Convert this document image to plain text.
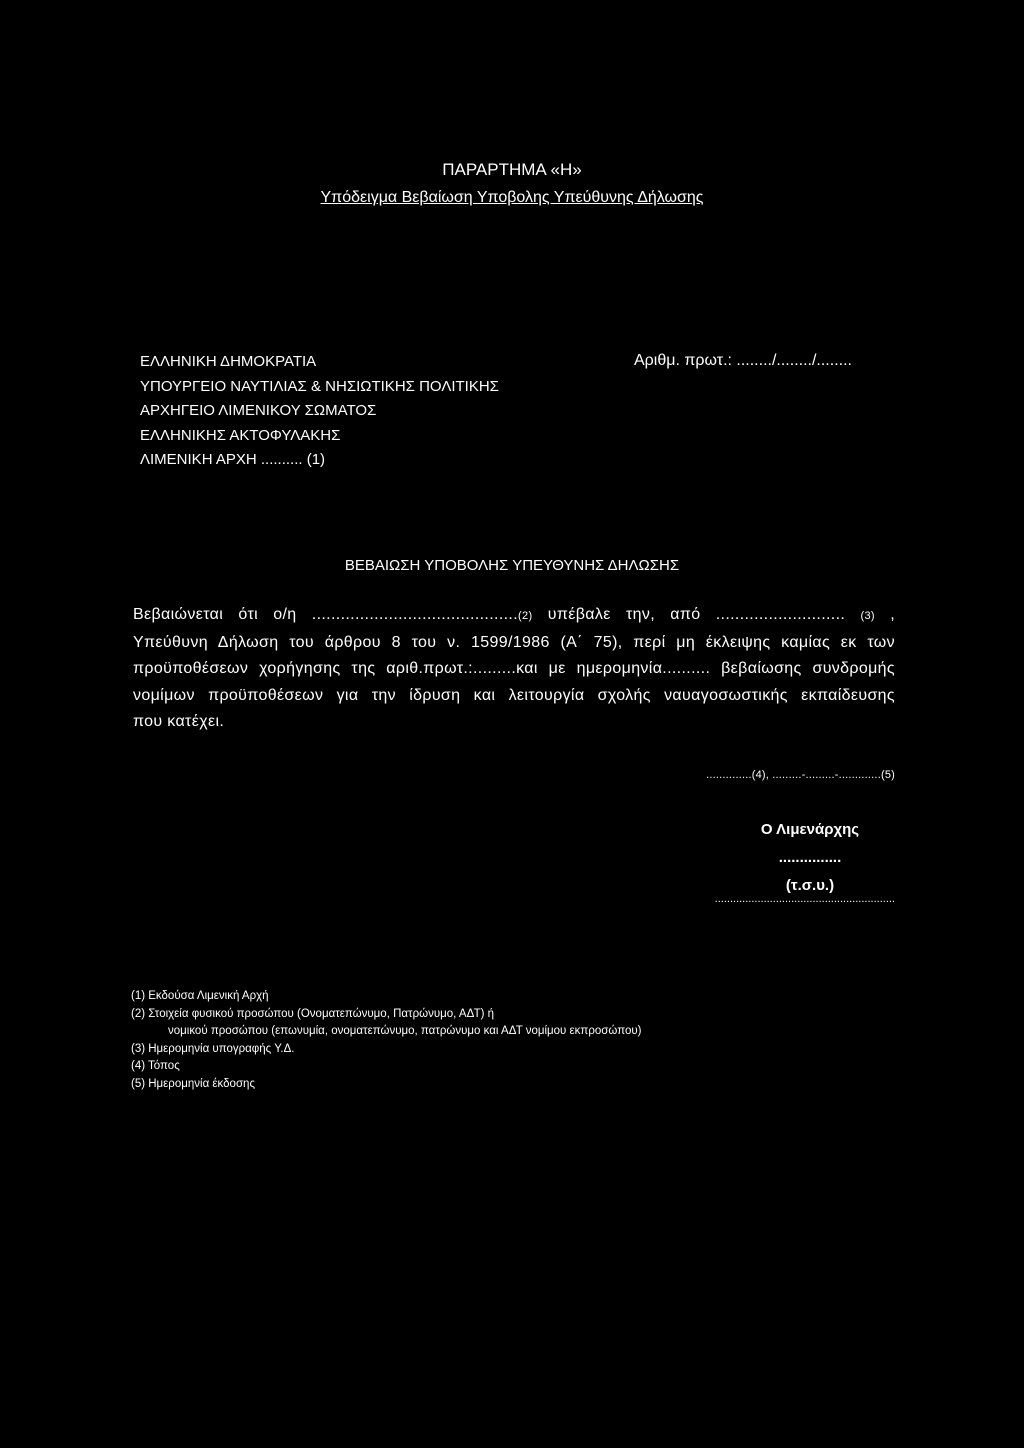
ΠΑΡΑΡΤΗΜΑ «Η»
Υπόδειγμα Βεβαίωση Υποβολης Υπεύθυνης Δήλωσης
ΕΛΛΗΝΙΚΗ ΔΗΜΟΚΡΑΤΙΑ
ΥΠΟΥΡΓΕΙΟ ΝΑΥΤΙΛΙΑΣ & ΝΗΣΙΩΤΙΚΗΣ ΠΟΛΙΤΙΚΗΣ
ΑΡΧΗΓΕΙΟ ΛΙΜΕΝΙΚΟΥ ΣΩΜΑΤΟΣ
ΕΛΛΗΝΙΚΗΣ ΑΚΤΟΦΥΛΑΚΗΣ
ΛΙΜΕΝΙΚΗ ΑΡΧΗ .......... (1)
Αριθμ. πρωτ.: ......../......../........
ΒΕΒΑΙΩΣΗ ΥΠΟΒΟΛΗΣ ΥΠΕΥΘΥΝΗΣ ΔΗΛΩΣΗΣ
Βεβαιώνεται ότι ο/η ...........................................(2) υπέβαλε την, από ........................... (3) ,
Υπεύθυνη Δήλωση του άρθρου 8 του ν. 1599/1986 (Α΄ 75), περί μη έκλειψης καμίας εκ των
προϋποθέσεων χορήγησης της αριθ.πρωτ.:.........και με ημερομηνία.......... βεβαίωσης συνδρομής
νομίμων προϋποθέσεων για την ίδρυση και λειτουργία σχολής ναυαγοσωστικής εκπαίδευσης
που κατέχει.
..............(4), .........-.........-.............(5)
Ο Λιμενάρχης
...............
(τ.σ.υ.)
...........................................................
(1) Εκδούσα Λιμενική Αρχή
(2) Στοιχεία φυσικού προσώπου (Ονοματεπώνυμο, Πατρώνυμο, ΑΔΤ) ή
νομικού προσώπου (επωνυμία, ονοματεπώνυμο, πατρώνυμο και ΑΔΤ νομίμου εκπροσώπου)
(3) Ημερομηνία υπογραφής Υ.Δ.
(4) Τόπος
(5) Ημερομηνία έκδοσης
